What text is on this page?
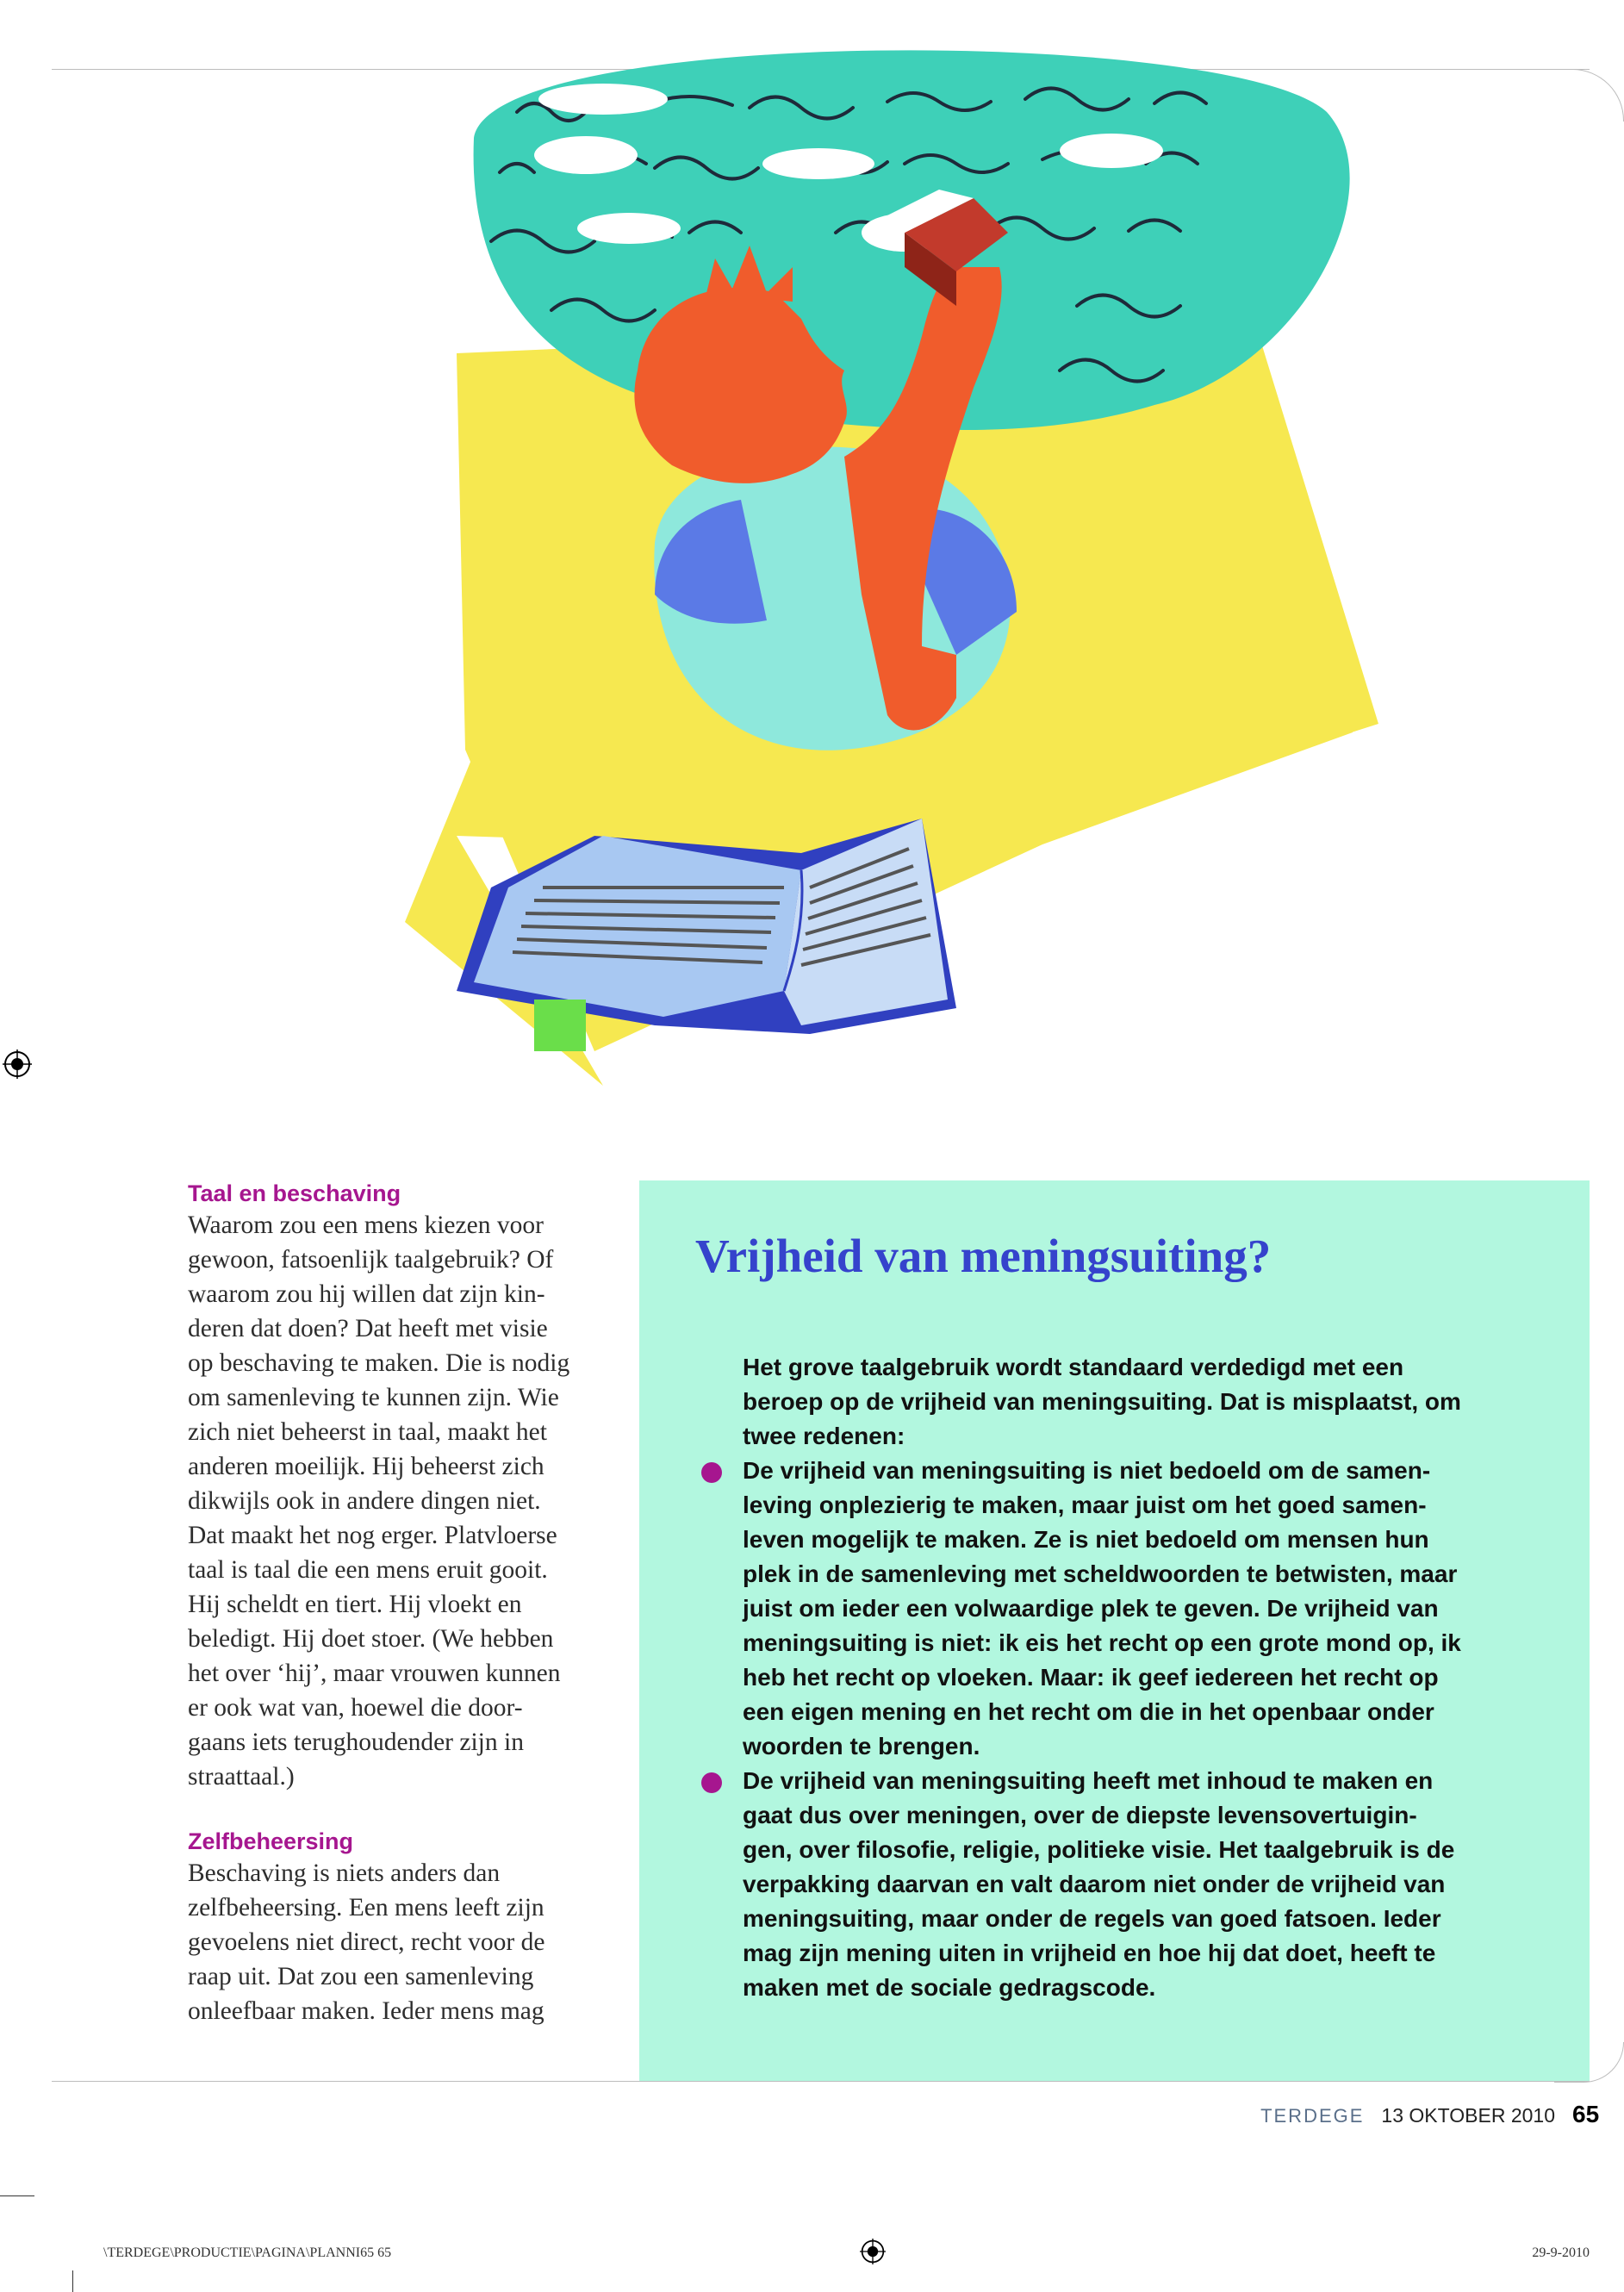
Taal en beschaving

Waarom zou een mens kiezen voor
gewoon, fatsoenlijk taalgebruik? Of
waarom zou hij willen dat zijn kin-
deren dat doen? Dat heeft met visie
op beschaving te maken. Die is nodig
om samenleving te kunnen zijn. Wie
zich niet beheerst in taal, maakt het
anderen moeilijk. Hij beheerst zich
dikwijls ook in andere dingen niet.
Dat maakt het nog erger. Platvloerse
taal is taal die een mens eruit gooit.
Hij scheldt en tiert. Hij vloekt en
beledigt. Hij doet stoer. (We hebben
het over ‘hij’, maar vrouwen kunnen
er ook wat van, hoewel die door-
gaans iets terughoudender zijn in
straattaal.)

Zelfbeheersing

Beschaving is niets anders dan
zelfbeheersing. Een mens leeft zijn
gevoelens niet direct, recht voor de
raap uit. Dat zou een samenleving
onleefbaar maken. Ieder mens mag

Vrijheid van meningsuiting?

Het grove taalgebruik wordt standaard verdedigd met een
beroep op de vrijheid van meningsuiting. Dat is misplaatst, om
twee redenen:

De vrijheid van meningsuiting is niet bedoeld om de samen-
leving onplezierig te maken, maar juist om het goed samen-
leven mogelijk te maken. Ze is niet bedoeld om mensen hun
plek in de samenleving met scheldwoorden te betwisten, maar
juist om ieder een volwaardige plek te geven. De vrijheid van
meningsuiting is niet: ik eis het recht op een grote mond op, ik
heb het recht op vloeken. Maar: ik geef iedereen het recht op
een eigen mening en het recht om die in het openbaar onder
woorden te brengen.

De vrijheid van meningsuiting heeft met inhoud te maken en
gaat dus over meningen, over de diepste levensovertuigin-
gen, over filosofie, religie, politieke visie. Het taalgebruik is de
verpakking daarvan en valt daarom niet onder de vrijheid van
meningsuiting, maar onder de regels van goed fatsoen. Ieder
mag zijn mening uiten in vrijheid en hoe hij dat doet, heeft te
maken met de sociale gedragscode.

TERDEGE 13 OKTOBER 2010 65
\TERDEGE\PRODUCTIE\PAGINA\PLANNI65 65	29-9-2010
